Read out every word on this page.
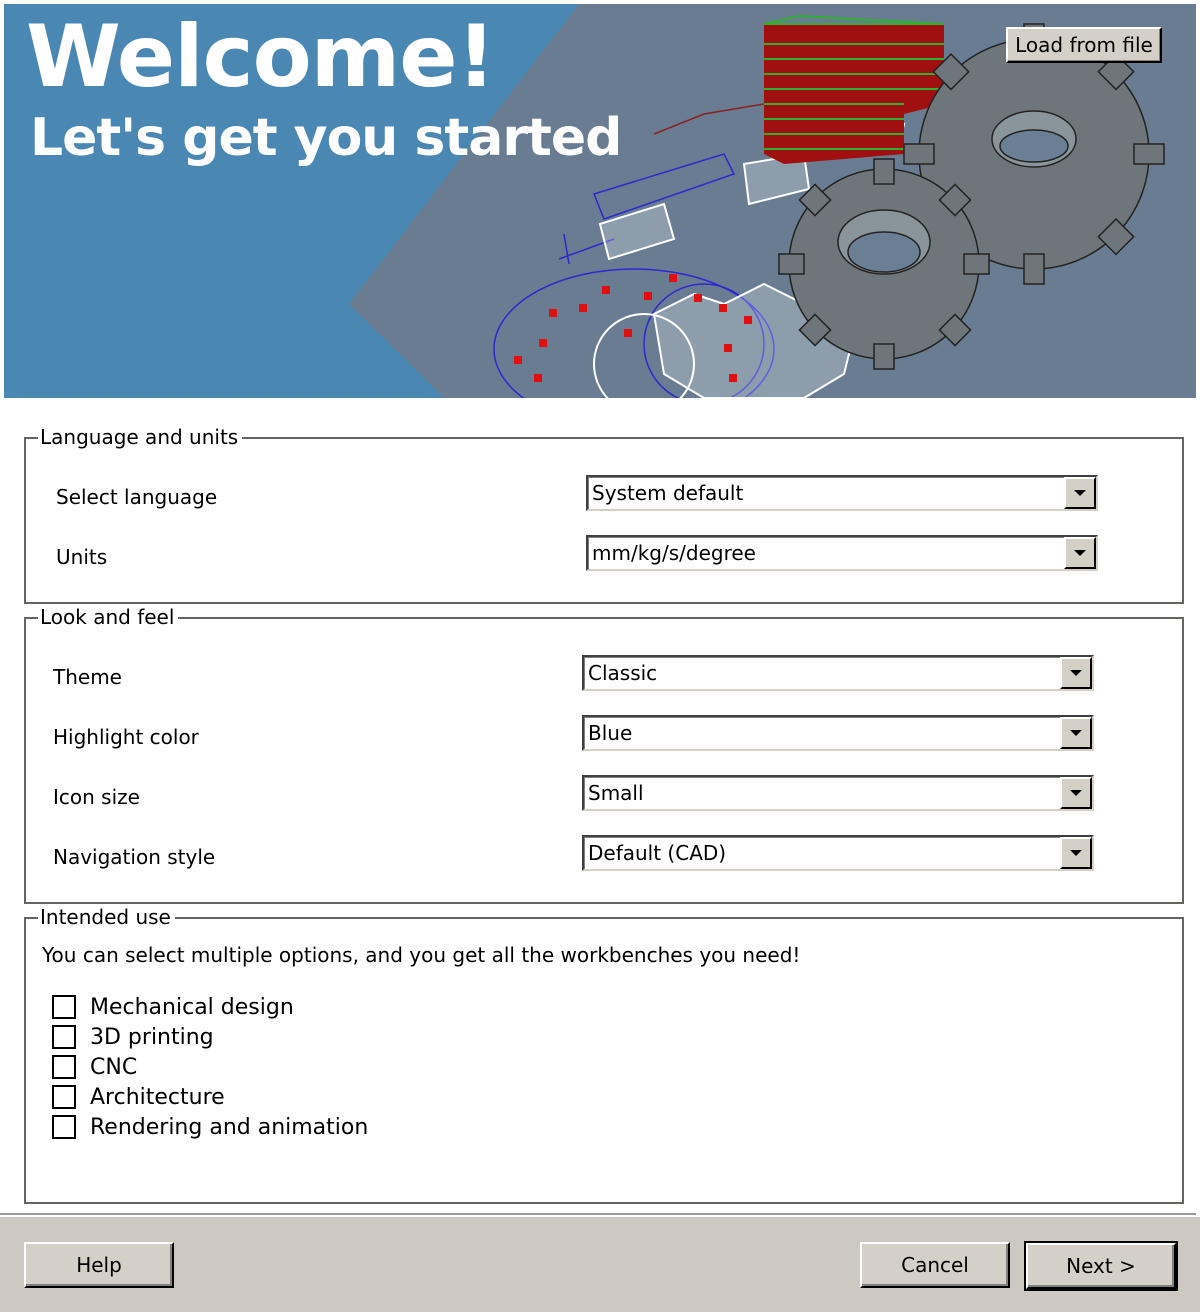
Welcome!
Let's get you started
Load from file
Language and units
Select language	System default
Units	mm/kg/s/degree
Look and feel
Theme	Classic
Highlight color	Blue
Icon size	Small
Navigation style	Default (CAD)
Intended use
You can select multiple options, and you get all the workbenches you need!
Mechanical design
3D printing
CNC
Architecture
Rendering and animation
Help	Cancel	Next >
